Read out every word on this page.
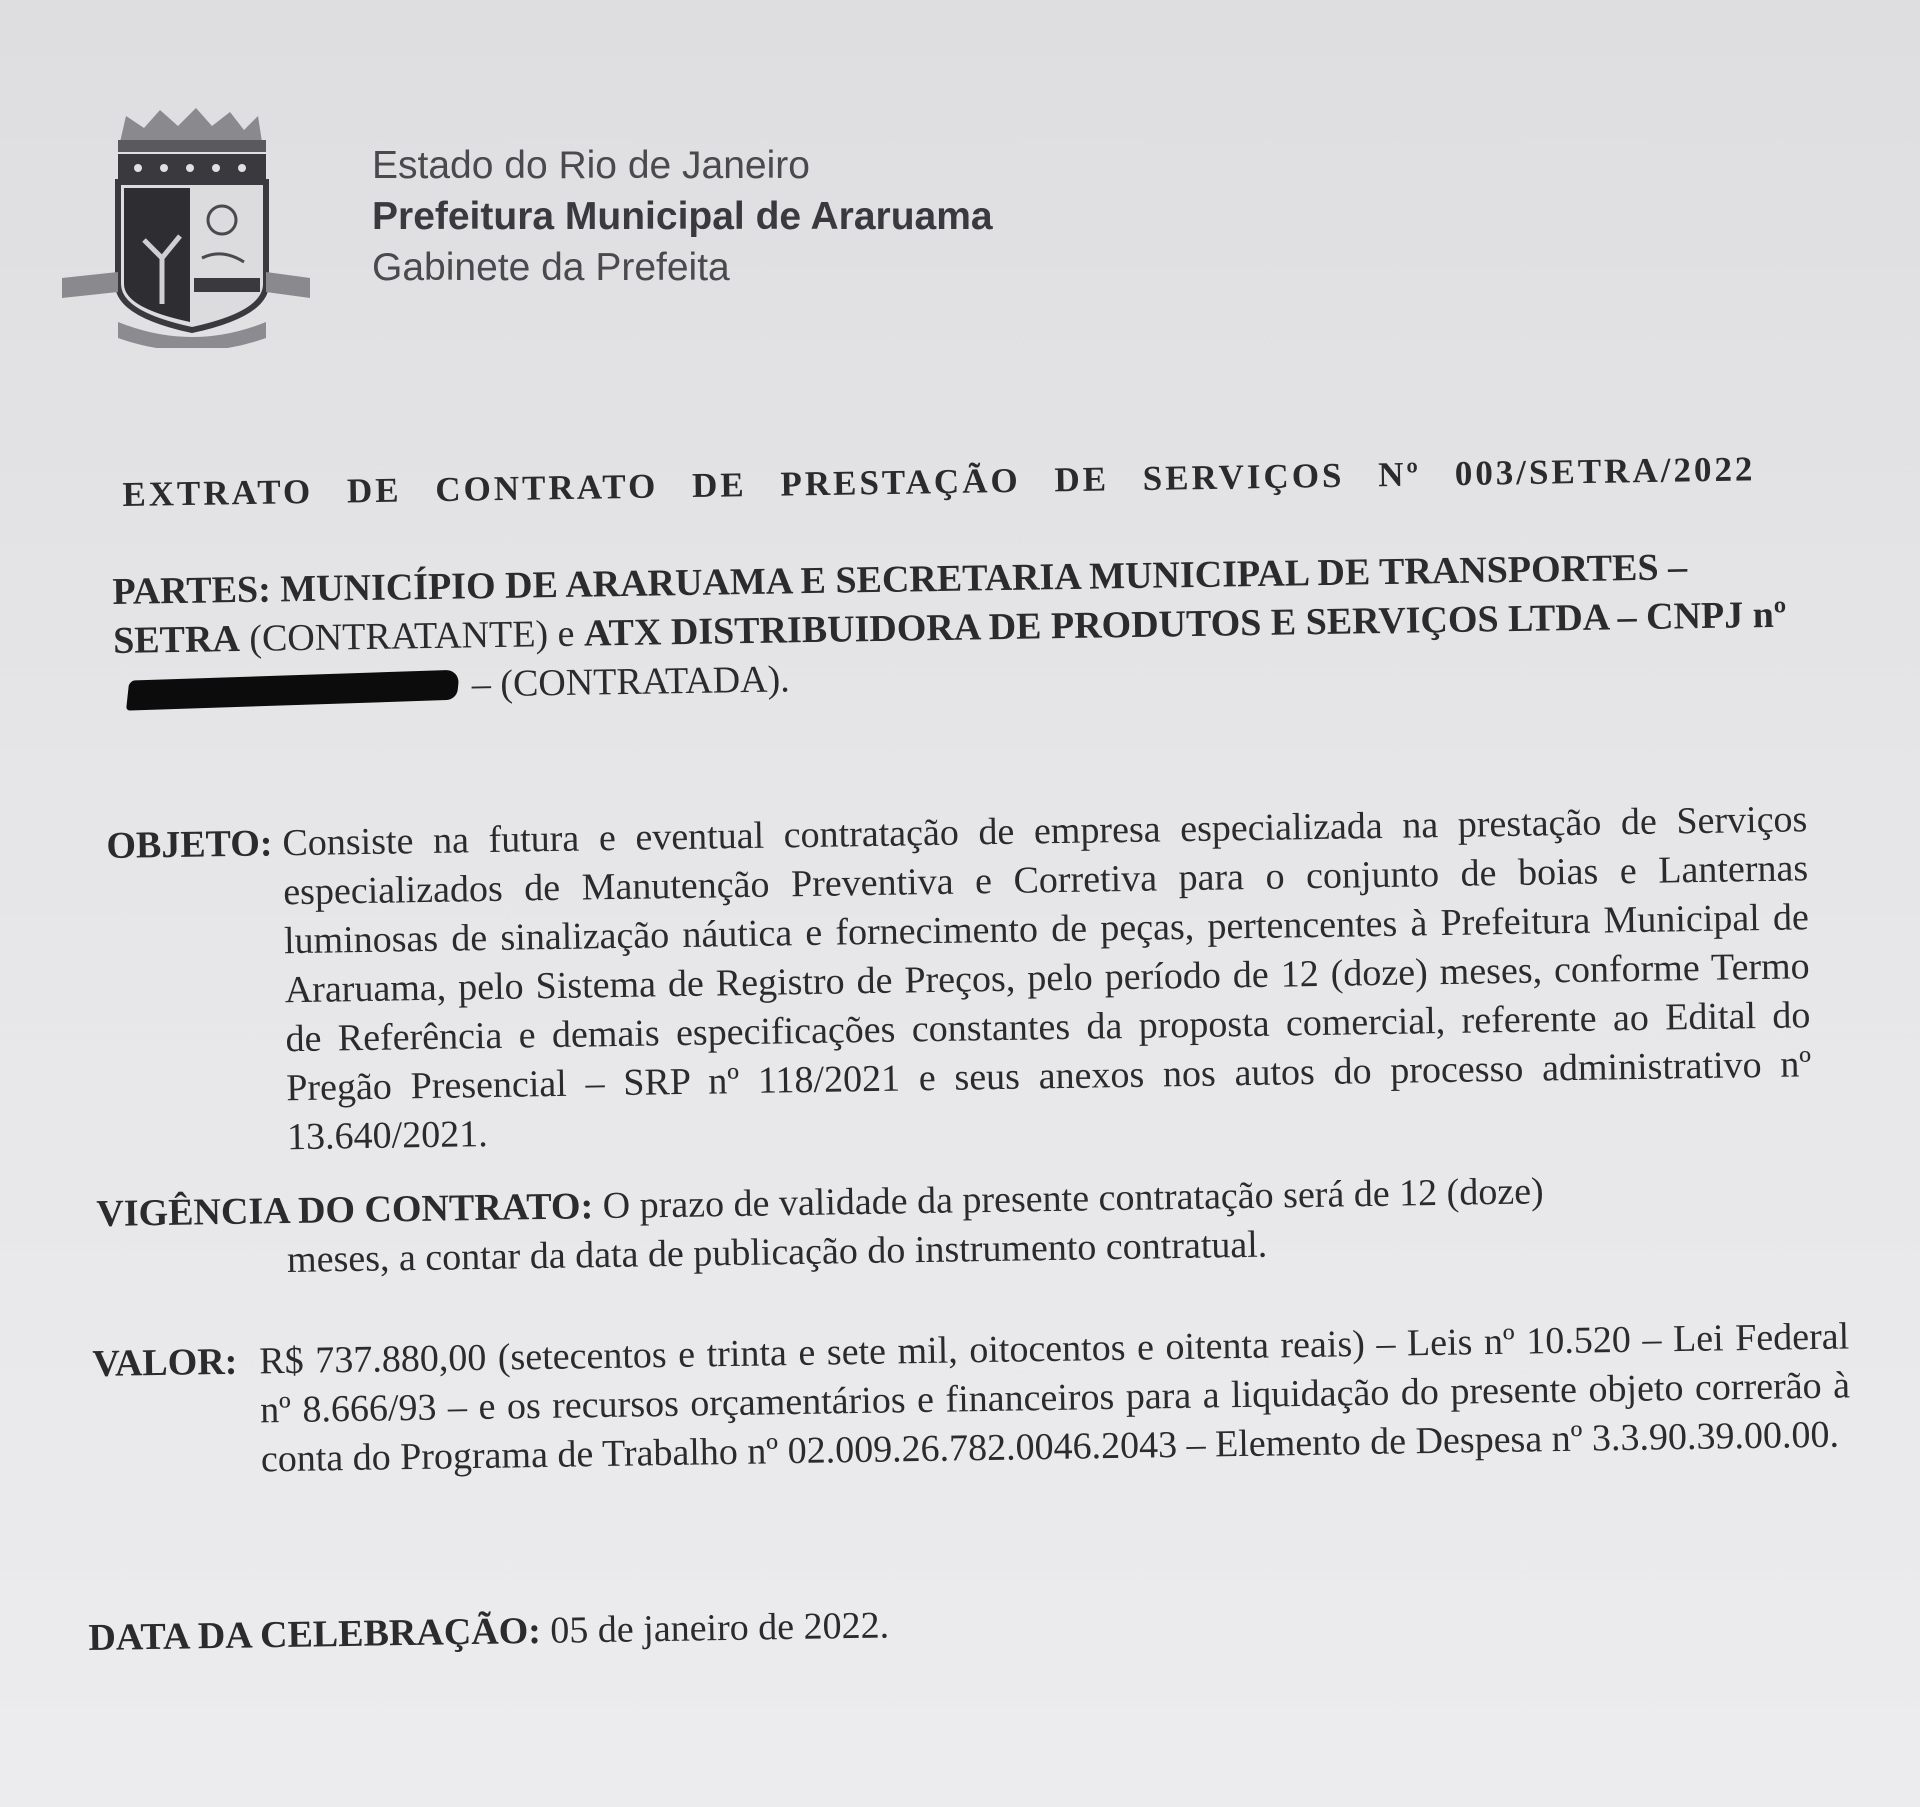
Estado do Rio de Janeiro
Prefeitura Municipal de Araruama
Gabinete da Prefeita
EXTRATO DE CONTRATO DE PRESTAÇÃO DE SERVIÇOS Nº 003/SETRA/2022
PARTES: MUNICÍPIO DE ARARUAMA E SECRETARIA MUNICIPAL DE TRANSPORTES – SETRA (CONTRATANTE) e ATX DISTRIBUIDORA DE PRODUTOS E SERVIÇOS LTDA – CNPJ nº– (CONTRATADA).
OBJETO: Consiste na futura e eventual contratação de empresa especializada na prestação de Serviços especializados de Manutenção Preventiva e Corretiva para o conjunto de boias e Lanternas luminosas de sinalização náutica e fornecimento de peças, pertencentes à Prefeitura Municipal de Araruama, pelo Sistema de Registro de Preços, pelo período de 12 (doze) meses, conforme Termo de Referência e demais especificações constantes da proposta comercial, referente ao Edital do Pregão Presencial – SRP nº 118/2021 e seus anexos nos autos do processo administrativo nº 13.640/2021.
VIGÊNCIA DO CONTRATO: O prazo de validade da presente contratação será de 12 (doze)
meses, a contar da data de publicação do instrumento contratual.
VALOR: R$ 737.880,00 (setecentos e trinta e sete mil, oitocentos e oitenta reais) – Leis nº 10.520 – Lei Federal nº 8.666/93 – e os recursos orçamentários e financeiros para a liquidação do presente objeto correrão à conta do Programa de Trabalho nº 02.009.26.782.0046.2043 – Elemento de Despesa nº 3.3.90.39.00.00.
DATA DA CELEBRAÇÃO: 05 de janeiro de 2022.
